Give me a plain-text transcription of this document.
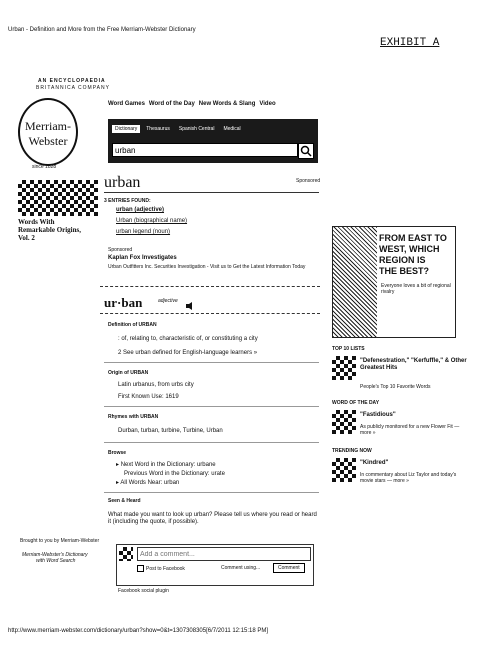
Urban - Definition and More from the Free Merriam-Webster Dictionary
EXHIBIT A
AN ENCYCLOPAEDIA
BRITANNICA COMPANY
Merriam-
Webster
since 1828
Word Games Word of the Day New Words & Slang Video
Dictionary	Thesaurus	Spanish Central	Medical
urban
Words With
Remarkable Origins,
Vol. 2
Brought to you by Merriam-Webster
Merriam-Webster's Dictionary
with Word Search
urban	Sponsored
3 ENTRIES FOUND:
urban (adjective)
Urban (biographical name)
urban legend (noun)
Sponsored
Kaplan Fox Investigates
Urban Outfitters Inc. Securities Investigation - Visit us to Get the Latest Information Today
ur·ban	adjective
Definition of URBAN
: of, relating to, characteristic of, or constituting a city
2 See urban defined for English-language learners »
Origin of URBAN
Latin urbanus, from urbs city
First Known Use: 1619
Rhymes with URBAN
Durban, turban, turbine, Turbine, Urban
Browse
▸ Next Word in the Dictionary: urbane
Previous Word in the Dictionary: urate
▸ All Words Near: urban
Seen & Heard
What made you want to look up urban? Please tell us where you read or heard it (including the quote, if possible).
Add a comment...
Post to Facebook	Comment using...	Comment
Facebook social plugin
FROM EAST TO
WEST, WHICH
REGION IS
THE BEST?
Everyone loves a bit of regional rivalry
TOP 10 LISTS
"Defenestration," "Kerfuffle," & Other Greatest Hits
People's Top 10 Favorite Words
WORD OF THE DAY
"Fastidious"
As publicly monitored for a new Flower Fit — more »
TRENDING NOW
"Kindred"
In commentary about Liz Taylor and today's movie stars — more »
http://www.merriam-webster.com/dictionary/urban?show=0&t=1307308305[6/7/2011 12:15:18 PM]
